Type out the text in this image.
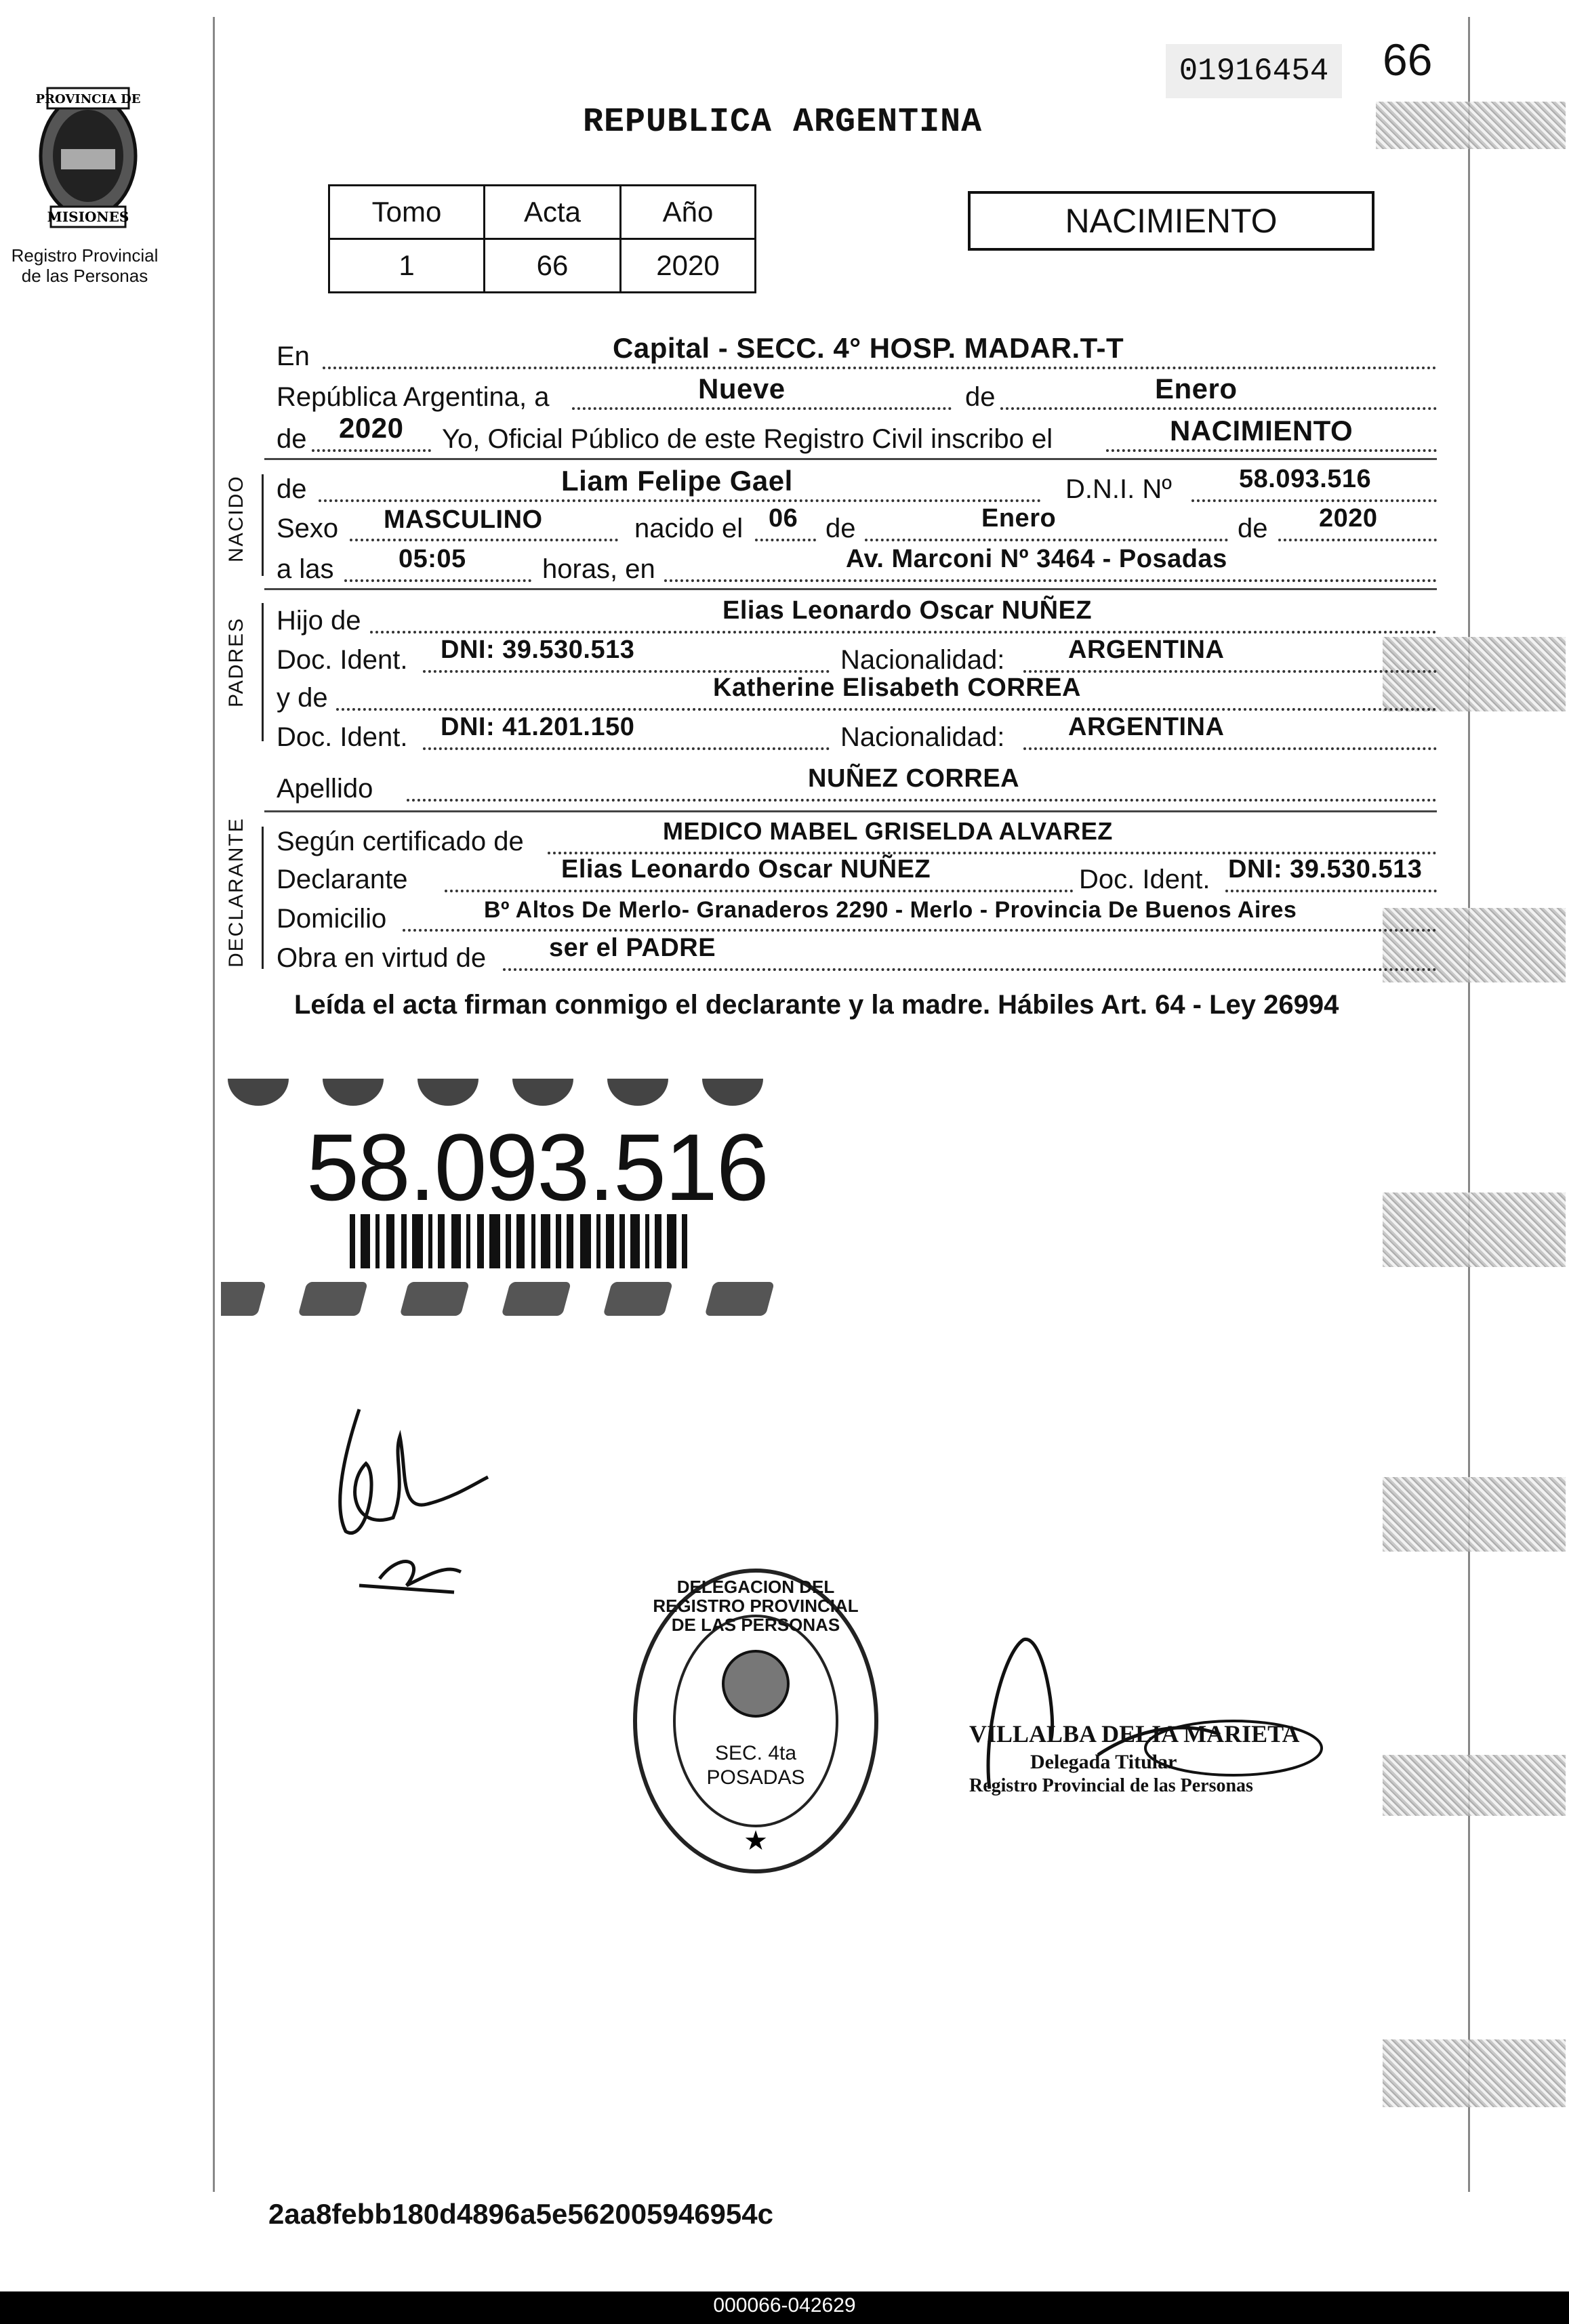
PROVINCIA DE
MISIONES
Registro Provincial
de las Personas
01916454 66
REPUBLICA ARGENTINA
Tomo	Acta	Año
1	66	2020
NACIMIENTO
En	Capital - SECC. 4° HOSP. MADAR.T-T
República Argentina, a	Nueve	de	Enero
de 2020 Yo, Oficial Público de este Registro Civil inscribo el	NACIMIENTO
NACIDO de	Liam Felipe Gael	D.N.I. Nº	58.093.516
Sexo MASCULINO	nacido el 06 de	Enero	de 2020
a las	05:05	horas, en	Av. Marconi Nº 3464 - Posadas
PADRES Hijo de	Elias Leonardo Oscar NUÑEZ
Doc. Ident. DNI: 39.530.513	Nacionalidad: ARGENTINA
y de	Katherine Elisabeth CORREA
Doc. Ident. DNI: 41.201.150	Nacionalidad: ARGENTINA
Apellido	NUÑEZ CORREA
DECLARANTE Según certificado de	MEDICO MABEL GRISELDA ALVAREZ
Declarante	Elias Leonardo Oscar NUÑEZ	Doc. Ident. DNI: 39.530.513
Domicilio	Bº Altos De Merlo- Granaderos 2290 - Merlo - Provincia De Buenos Aires
Obra en virtud de ser el PADRE
Leída el acta firman conmigo el declarante y la madre. Hábiles Art. 64 - Ley 26994
58.093.516
★
DELEGACION DEL REGISTRO PROVINCIAL DE LAS PERSONAS
SEC. 4ta POSADAS
VILLALBA DELIA MARIETA
Delegada Titular
Registro Provincial de las Personas
2aa8febb180d4896a5e562005946954c
000066-042629
